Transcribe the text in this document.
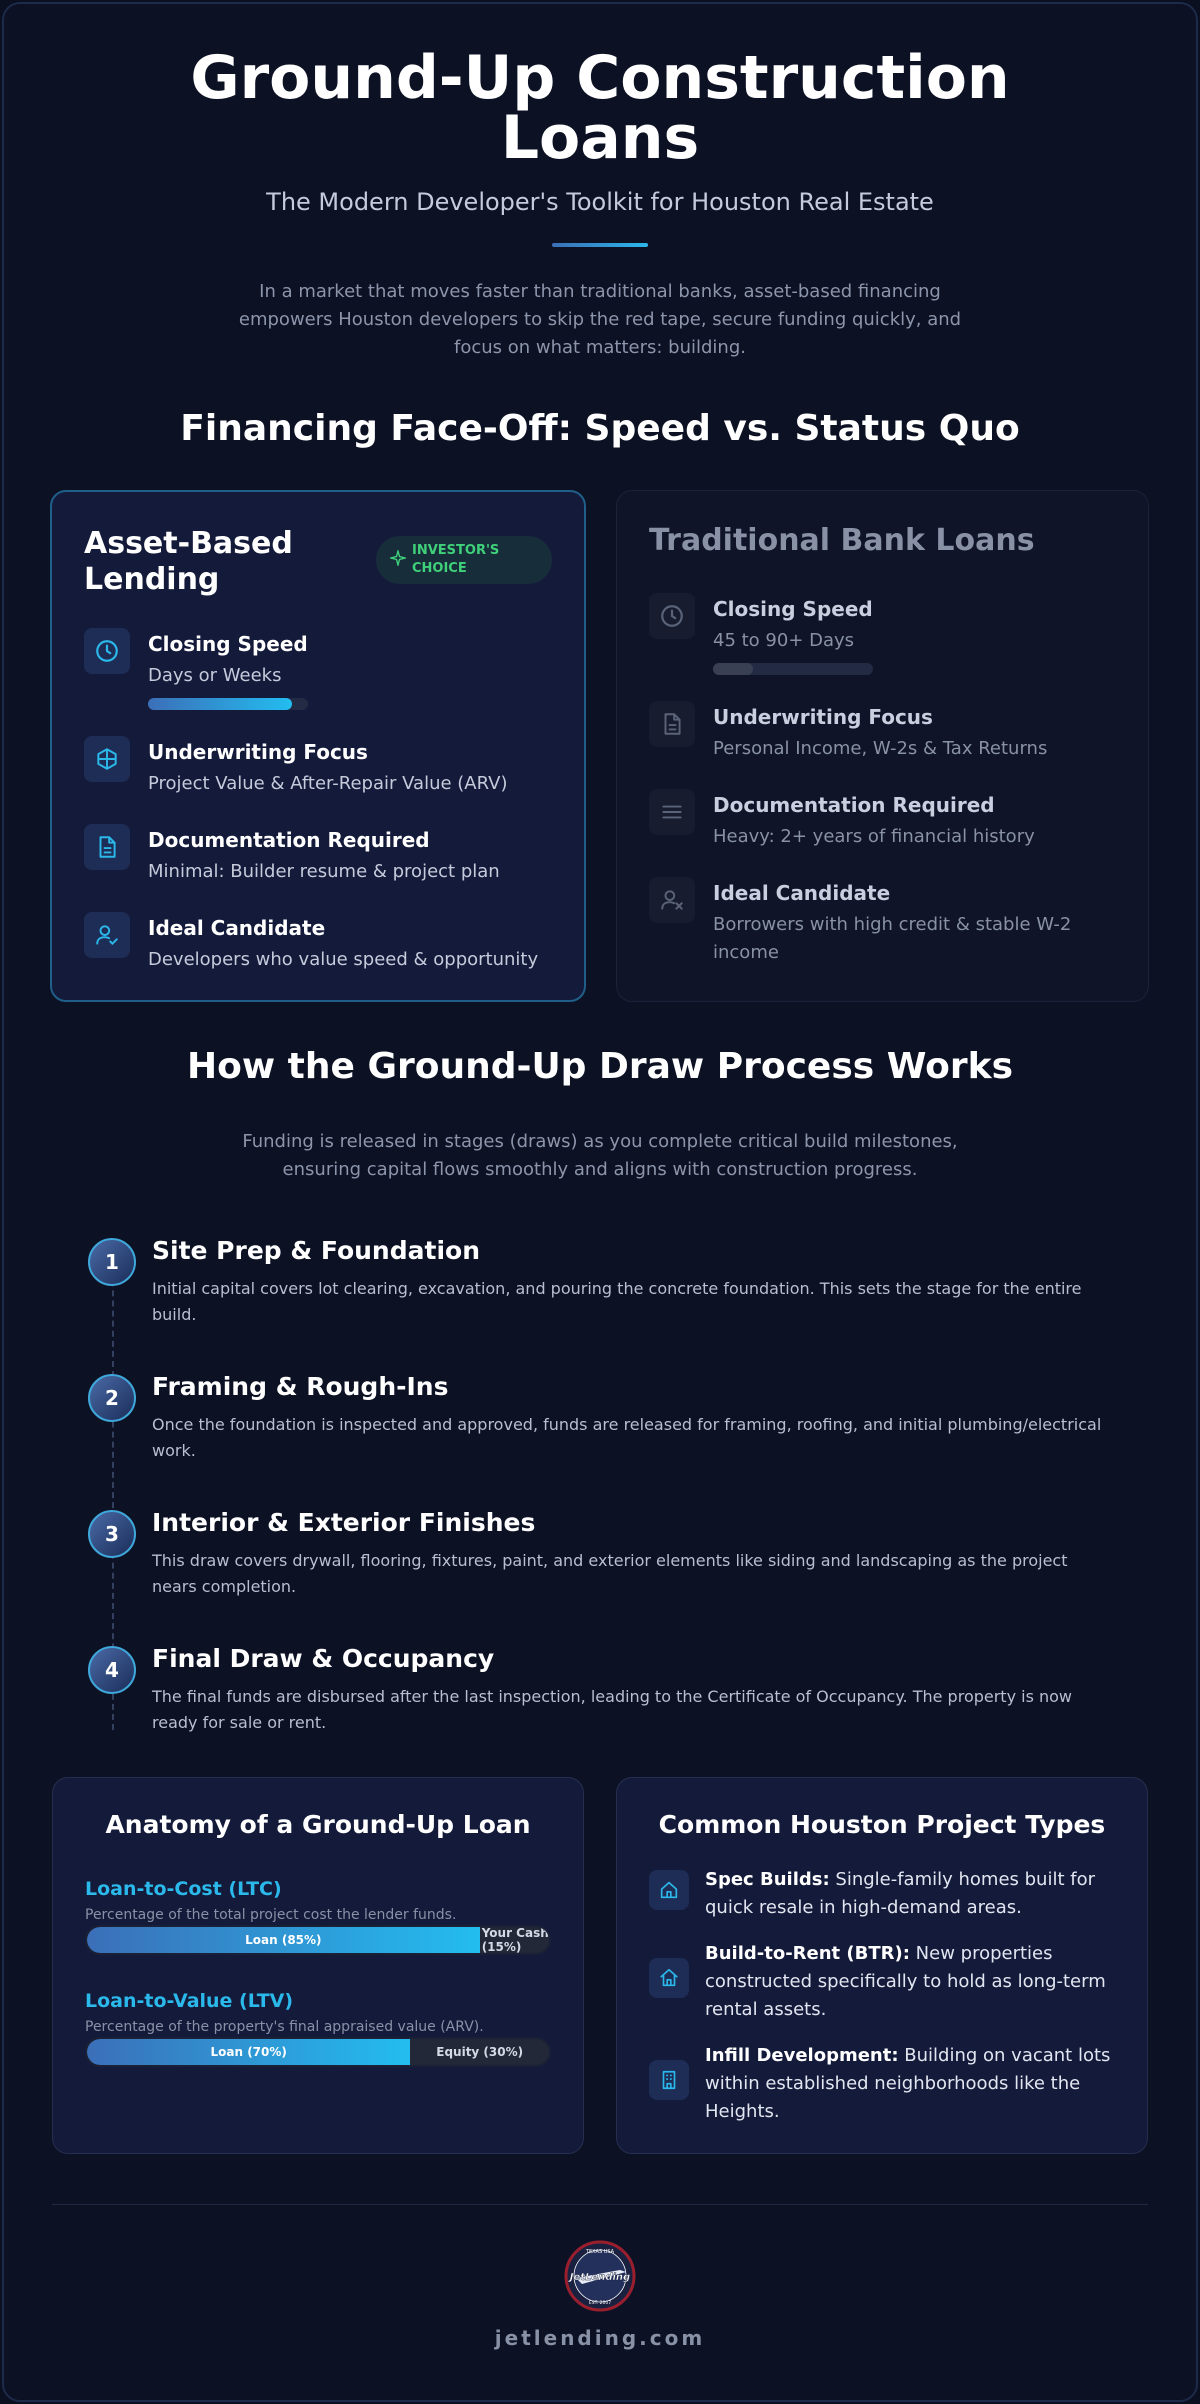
Ground-Up Construction
Loans
The Modern Developer's Toolkit for Houston Real Estate
In a market that moves faster than traditional banks, asset-based financing empowers Houston developers to skip the red tape, secure funding quickly, and focus on what matters: building.
Financing Face-Off: Speed vs. Status Quo
Asset-Based
Lending
INVESTOR'S
CHOICE
Closing Speed
Days or Weeks
Underwriting Focus
Project Value & After-Repair Value (ARV)
Documentation Required
Minimal: Builder resume & project plan
Ideal Candidate
Developers who value speed & opportunity
Traditional Bank Loans
Closing Speed
45 to 90+ Days
Underwriting Focus
Personal Income, W-2s & Tax Returns
Documentation Required
Heavy: 2+ years of financial history
Ideal Candidate
Borrowers with high credit & stable W-2 income
How the Ground-Up Draw Process Works
Funding is released in stages (draws) as you complete critical build milestones, ensuring capital flows smoothly and aligns with construction progress.
1	Site Prep & Foundation
Initial capital covers lot clearing, excavation, and pouring the concrete foundation. This sets the stage for the entire build.
2	Framing & Rough-Ins
Once the foundation is inspected and approved, funds are released for framing, roofing, and initial plumbing/electrical work.
3	Interior & Exterior Finishes
This draw covers drywall, flooring, fixtures, paint, and exterior elements like siding and landscaping as the project nears completion.
4	Final Draw & Occupancy
The final funds are disbursed after the last inspection, leading to the Certificate of Occupancy. The property is now ready for sale or rent.
Anatomy of a Ground-Up Loan
Loan-to-Cost (LTC)
Percentage of the total project cost the lender funds.
Loan (85%)	Your Cash
(15%)
Loan-to-Value (LTV)
Percentage of the property's final appraised value (ARV).
Loan (70%)	Equity (30%)
Common Houston Project Types
Spec Builds: Single-family homes built for quick resale in high-demand areas.
Build-to-Rent (BTR): New properties constructed specifically to hold as long-term rental assets.
Infill Development: Building on vacant lots within established neighborhoods like the Heights.
TEXAS USA
JetLending
EST. 2007
jetlending.com
